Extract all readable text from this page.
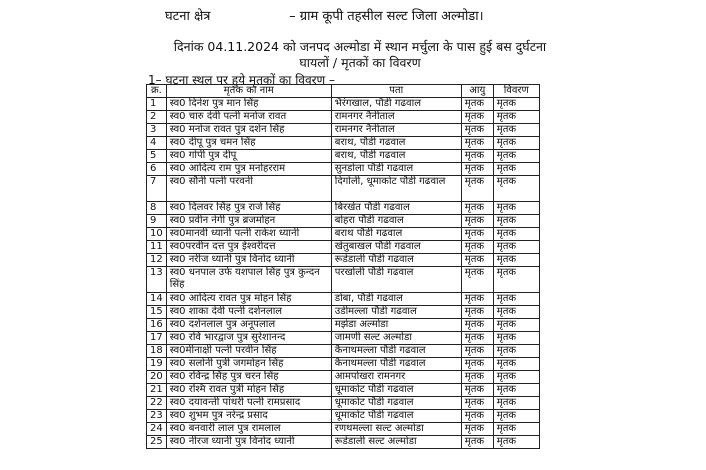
घटना क्षेत्र	– ग्राम कूपी तहसील सल्ट जिला अल्मोडा।
दिनांक 04.11.2024 को जनपद अल्मोडा में स्थान मर्चुला के पास हुई बस दुर्घटना
घायलों / मृतकों का विवरण
1– घटना स्थल पर हुये मृतकों का विवरण –
क्र.	मृतक का नाम	पता	आयु	विवरण
1	स्व0 दिनेश पुत्र मान सिंह	भैरंगखाल, पौडी गढवाल	मृतक	मृतक
2	स्व0 चारु देवी पत्नी मनोज रावत	रामनगर नैनीताल	मृतक	मृतक
3	स्व0 मनोज रावत पुत्र दर्शन सिंह	रामनगर नैनीताल	मृतक	मृतक
4	स्व0 दीपू पुत्र चमन सिंह	बराथ, पौडी गढवाल	मृतक	मृतक
5	स्व0 गोपी पुत्र दीपू	बराथ, पौडी गढवाल	मृतक	मृतक
6	स्व0 आदित्य राम पुत्र मनोहरराम	सुनडोला पौडी गढवाल	मृतक	मृतक
7	स्व0 सौनी पत्नी परवनी	दिगोली, धूमाकोट पौडी गढवाल	मृतक	मृतक
8	स्व0 दिलवर सिंह पुत्र राजे सिंह	बिरखेत पौडी गढवाल	मृतक	मृतक
9	स्व0 प्रवीन नेगी पुत्र ब्रजमोहन	बोहरा पौडी गढवाल	मृतक	मृतक
10	स्व0मानवी ध्यानी पत्नी राकेश ध्यानी	बराथ पौडी गढवाल	मृतक	मृतक
11	स्व0परवीन दत्त पुत्र ईश्वरीदत्त	खेतुबाखल पौडी गढवाल	मृतक	मृतक
12	स्व0 नरीज ध्यानी पुत्र विनोद ध्यानी	रूडेडाली पौडी गढवाल	मृतक	मृतक
13	स्व0 धनपाल उर्फ यशपाल सिंह पुत्र कुन्दन सिंह	परखोली पौडी गढवाल	मृतक	मृतक
14	स्व0 आदित्य रावत पुत्र मोहन सिंह	डोबा, पौडी गढवाल	मृतक	मृतक
15	स्व0 शाका देवी पत्नी दर्शनलाल	उडीमल्ला पौडी गढवाल	मृतक	मृतक
16	स्व0 दर्शनलाल पुत्र अनूपलाल	मझेडा अल्मोडा	मृतक	मृतक
17	स्व0 रवि भारद्वाज पुत्र सुरेशानन्द	जामणी सल्ट अल्मोडा	मृतक	मृतक
18	स्व0मीनाक्षी पत्नी परवीन सिंह	कैनाथमल्ला पौडी गढवाल	मृतक	मृतक
19	स्व0 सलोनी पुत्री जगमोहन सिंह	कैनाथमल्ला पौडी गढवाल	मृतक	मृतक
20	स्व0 रविन्द्र सिंह पुत्र चरन सिंह	आमपोखरा रामनगर	मृतक	मृतक
21	स्व0 रश्मि रावत पुत्री मोहन सिंह	धूमाकोट पौडी गढवाल	मृतक	मृतक
22	स्व0 दयावन्ती पांथरी पत्नी रामप्रसाद	धूमाकोट पौडी गढवाल	मृतक	मृतक
23	स्व0 शुभम पुत्र नरेन्द्र प्रसाद	धूमाकोट पौडी गढवाल	मृतक	मृतक
24	स्व0 बनवारी लाल पुत्र रामलाल	रणथमल्ला सल्ट अल्मोडा	मृतक	मृतक
25	स्व0 नीरज ध्यानी पुत्र विनोद ध्यानी	रूडेडाली सल्ट अल्मोडा	मृतक	मृतक
